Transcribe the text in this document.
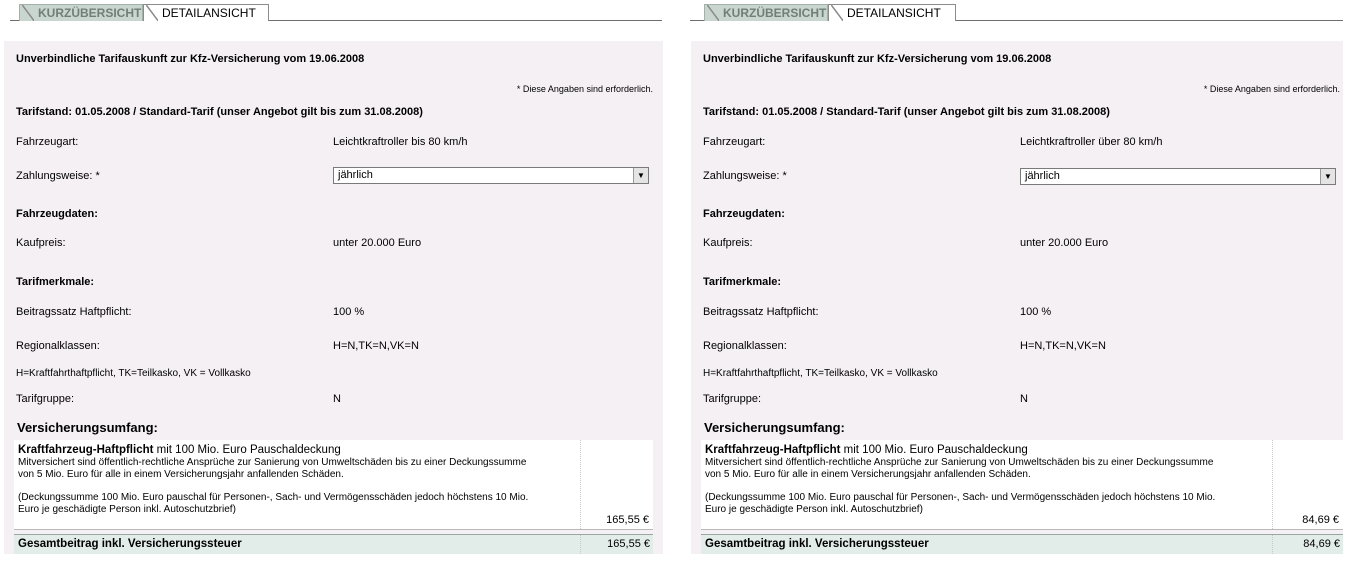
KURZÜBERSICHT	DETAILANSICHT
Unverbindliche Tarifauskunft zur Kfz-Versicherung vom 19.06.2008
* Diese Angaben sind erforderlich.
Tarifstand: 01.05.2008 / Standard-Tarif (unser Angebot gilt bis zum 31.08.2008)
Fahrzeugart:	Leichtkraftroller bis 80 km/h
Zahlungsweise: *	jährlich	▼
Fahrzeugdaten:
Kaufpreis:	unter 20.000 Euro
Tarifmerkmale:
Beitragssatz Haftpflicht:	100 %
Regionalklassen:	H=N,TK=N,VK=N
H=Kraftfahrthaftpflicht, TK=Teilkasko, VK = Vollkasko
Tarifgruppe:	N
Versicherungsumfang:
Kraftfahrzeug-Haftpflicht mit 100 Mio. Euro Pauschaldeckung
Mitversichert sind öffentlich-rechtliche Ansprüche zur Sanierung von Umweltschäden bis zu einer Deckungssumme
von 5 Mio. Euro für alle in einem Versicherungsjahr anfallenden Schäden.
(Deckungssumme 100 Mio. Euro pauschal für Personen-, Sach- und Vermögensschäden jedoch höchstens 10 Mio.
Euro je geschädigte Person inkl. Autoschutzbrief)
165,55 €
Gesamtbeitrag inkl. Versicherungssteuer	165,55 €
KURZÜBERSICHT	DETAILANSICHT
Unverbindliche Tarifauskunft zur Kfz-Versicherung vom 19.06.2008
* Diese Angaben sind erforderlich.
Tarifstand: 01.05.2008 / Standard-Tarif (unser Angebot gilt bis zum 31.08.2008)
Fahrzeugart:	Leichtkraftroller über 80 km/h
Zahlungsweise: *	jährlich	▼
Fahrzeugdaten:
Kaufpreis:	unter 20.000 Euro
Tarifmerkmale:
Beitragssatz Haftpflicht:	100 %
Regionalklassen:	H=N,TK=N,VK=N
H=Kraftfahrthaftpflicht, TK=Teilkasko, VK = Vollkasko
Tarifgruppe:	N
Versicherungsumfang:
Kraftfahrzeug-Haftpflicht mit 100 Mio. Euro Pauschaldeckung
Mitversichert sind öffentlich-rechtliche Ansprüche zur Sanierung von Umweltschäden bis zu einer Deckungssumme
von 5 Mio. Euro für alle in einem Versicherungsjahr anfallenden Schäden.
(Deckungssumme 100 Mio. Euro pauschal für Personen-, Sach- und Vermögensschäden jedoch höchstens 10 Mio.
Euro je geschädigte Person inkl. Autoschutzbrief)
84,69 €
Gesamtbeitrag inkl. Versicherungssteuer	84,69 €
